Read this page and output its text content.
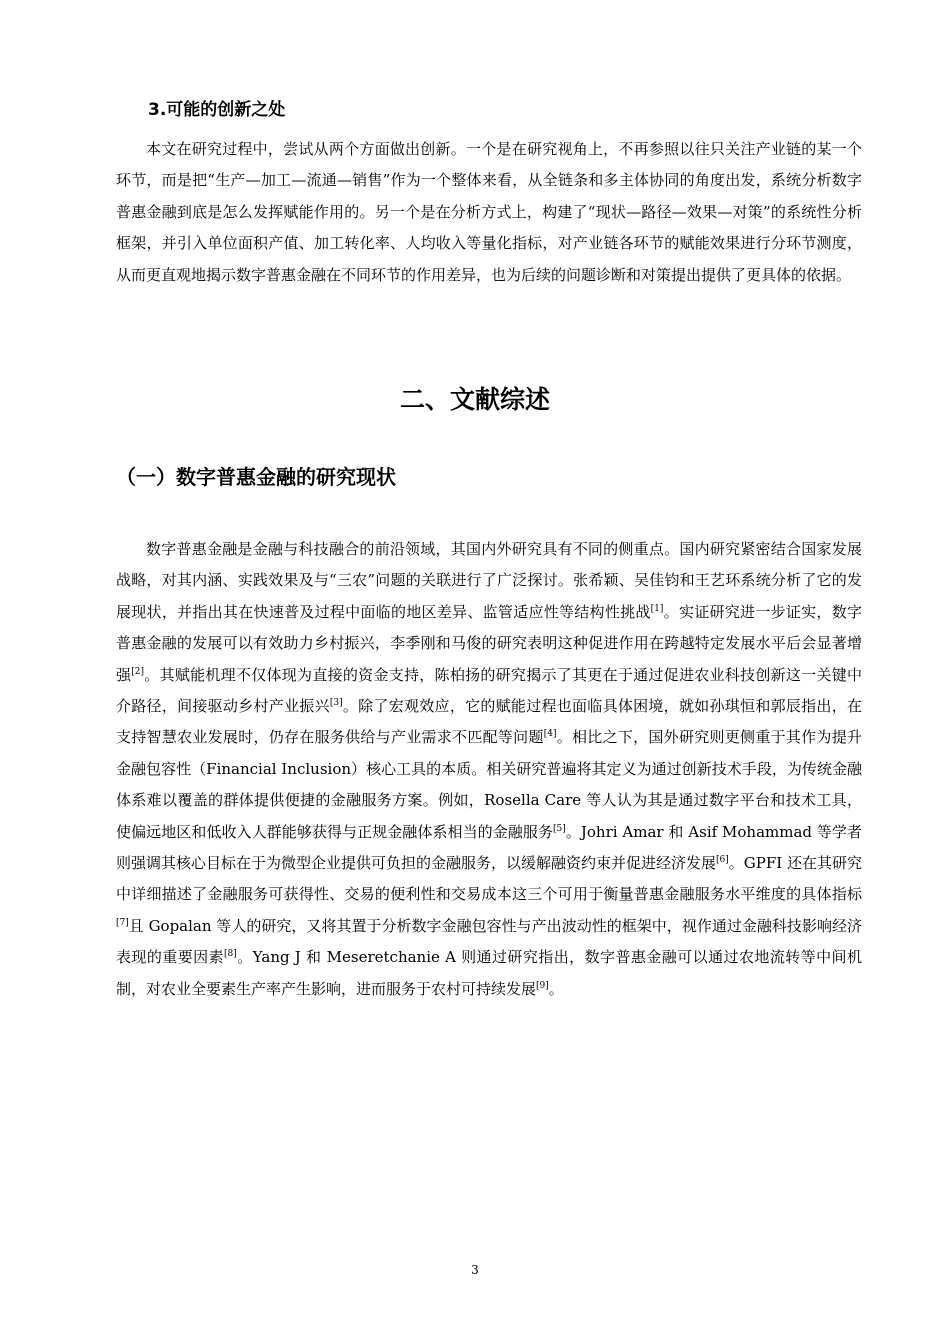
3.可能的创新之处

本文在研究过程中，尝试从两个方面做出创新。一个是在研究视角上，不再参照以往只关注产业链的某一个环节，而是把“生产—加工—流通—销售”作为一个整体来看，从全链条和多主体协同的角度出发，系统分析数字普惠金融到底是怎么发挥赋能作用的。另一个是在分析方式上，构建了“现状—路径—效果—对策”的系统性分析框架，并引入单位面积产值、加工转化率、人均收入等量化指标，对产业链各环节的赋能效果进行分环节测度，从而更直观地揭示数字普惠金融在不同环节的作用差异，也为后续的问题诊断和对策提出提供了更具体的依据。

二、文献综述
（一）数字普惠金融的研究现状

数字普惠金融是金融与科技融合的前沿领域，其国内外研究具有不同的侧重点。国内研究紧密结合国家发展战略，对其内涵、实践效果及与“三农”问题的关联进行了广泛探讨。张希颖、吴佳钧和王艺环系统分析了它的发展现状，并指出其在快速普及过程中面临的地区差异、监管适应性等结构性挑战[1]。实证研究进一步证实，数字普惠金融的发展可以有效助力乡村振兴，李季刚和马俊的研究表明这种促进作用在跨越特定发展水平后会显著增强[2]。其赋能机理不仅体现为直接的资金支持，陈柏扬的研究揭示了其更在于通过促进农业科技创新这一关键中介路径，间接驱动乡村产业振兴[3]。除了宏观效应，它的赋能过程也面临具体困境，就如孙琪恒和郭辰指出，在支持智慧农业发展时，仍存在服务供给与产业需求不匹配等问题[4]。相比之下，国外研究则更侧重于其作为提升金融包容性（Financial Inclusion）核心工具的本质。相关研究普遍将其定义为通过创新技术手段，为传统金融体系难以覆盖的群体提供便捷的金融服务方案。例如，Rosella Care 等人认为其是通过数字平台和技术工具，使偏远地区和低收入人群能够获得与正规金融体系相当的金融服务[5]。Johri Amar 和 Asif Mohammad 等学者 则强调其核心目标在于为微型企业提供可负担的金融服务，以缓解融资约束并促进经济发展[6]。GPFI 还在其研究中详细描述了金融服务可获得性、交易的便利性和交易成本这三个可用于衡量普惠金融服务水平维度的具体指标[7]且 Gopalan 等人的研究，又将其置于分析数字金融包容性与产出波动性的框架中，视作通过金融科技影响经济表现的重要因素[8]。Yang J 和 Meseretchanie A 则通过研究指出，数字普惠金融可以通过农地流转等中间机制，对农业全要素生产率产生影响，进而服务于农村可持续发展[9]。

3
